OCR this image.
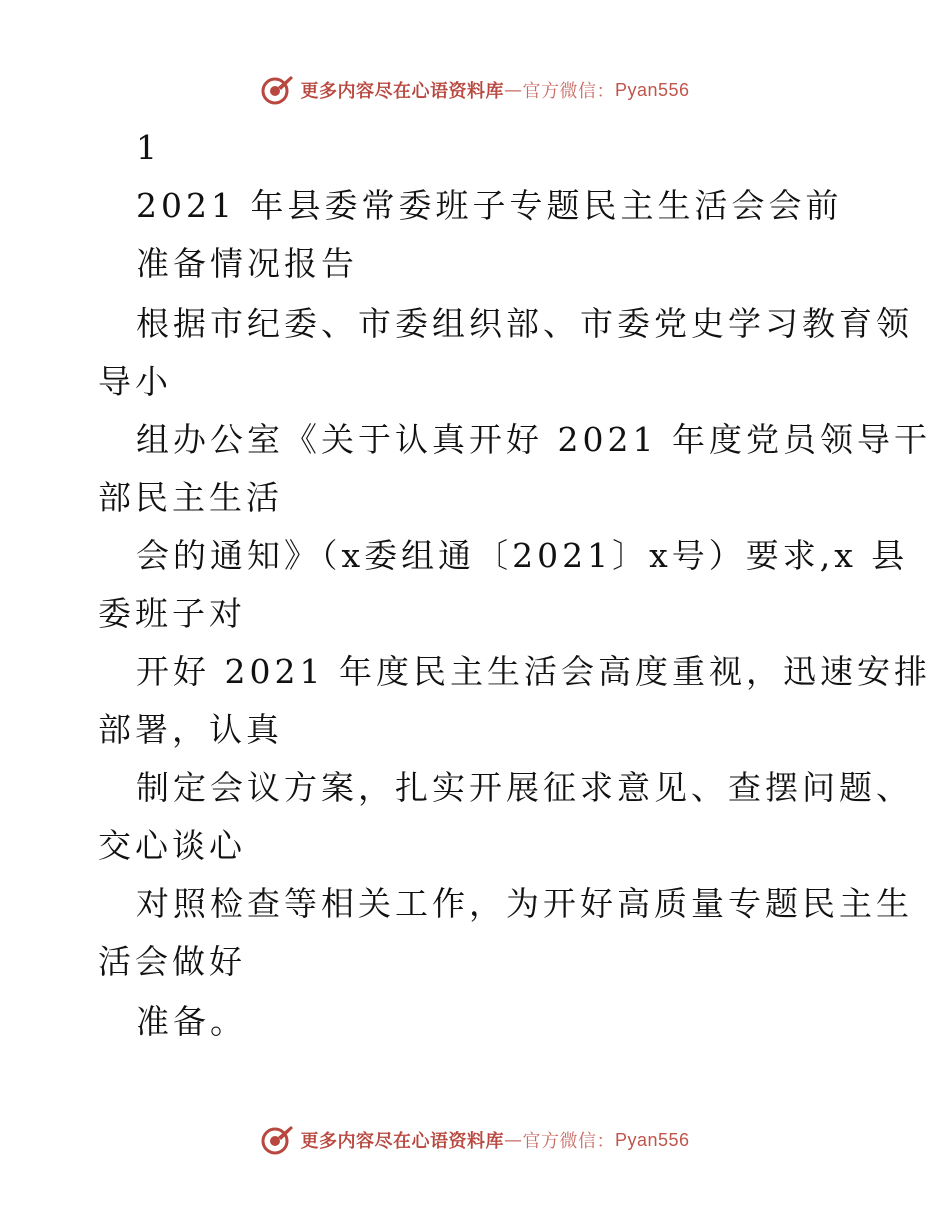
更多内容尽在心语资料库 — 官方微信： Pyan556
1
2021 年县委常委班子专题民主生活会会前
准备情况报告
根据市纪委、市委组织部、市委党史学习教育领
导小
组办公室《关于认真开好 2021 年度党员领导干
部民主生活
会的通知》（x委组通〔2021〕x号）要求,x 县
委班子对
开好 2021 年度民主生活会高度重视，迅速安排
部署，认真
制定会议方案，扎实开展征求意见、查摆问题、
交心谈心
对照检查等相关工作，为开好高质量专题民主生
活会做好
准备。
更多内容尽在心语资料库 — 官方微信： Pyan556
